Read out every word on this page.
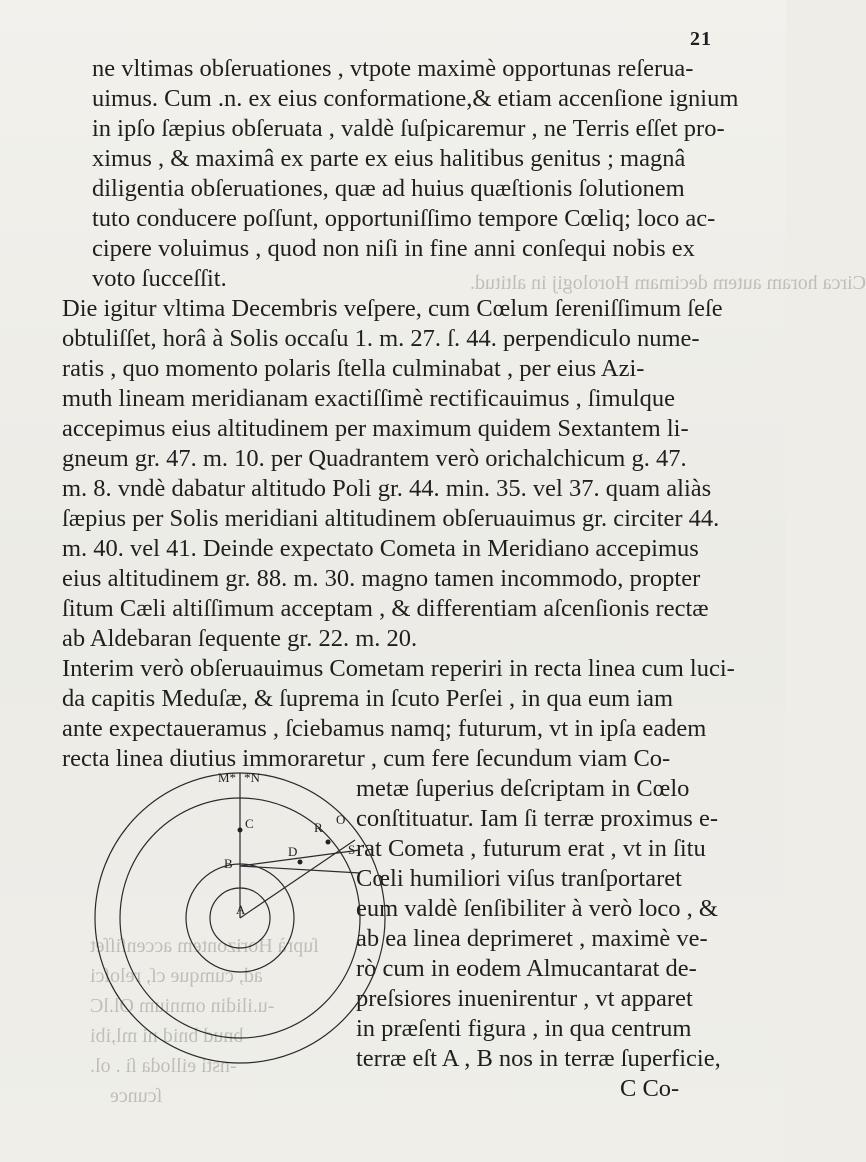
Circa horam autem decimam Horologij in altitud.
ſuprà Horizontem accenſiſſet
ad, cumque cſ, reloſci
-u.ilidin omnium Ol.lC
bnud bnid ni ml,ibi
-nsti eilloda ſi . ol.
ſcunce
21
ne vltimas obſeruationes , vtpote maximè opportunas reſerua-
uimus. Cum .n. ex eius conformatione,& etiam accenſione ignium
in ipſo ſæpius obſeruata , valdè ſuſpicaremur , ne Terris eſſet pro-
ximus , & maximâ ex parte ex eius halitibus genitus ; magnâ
diligentia obſeruationes, quæ ad huius quæſtionis ſolutionem
tuto conducere poſſunt, opportuniſſimo tempore Cœliq; loco ac-
cipere voluimus , quod non niſi in fine anni conſequi nobis ex
voto ſucceſſit.
Die igitur vltima Decembris veſpere, cum Cœlum ſereniſſimum ſeſe
obtuliſſet, horâ à Solis occaſu 1. m. 27. ſ. 44. perpendiculo nume-
ratis , quo momento polaris ſtella culminabat , per eius Azi-
muth lineam meridianam exactiſſimè rectificauimus , ſimulque
accepimus eius altitudinem per maximum quidem Sextantem li-
gneum gr. 47. m. 10. per Quadrantem verò orichalchicum g. 47.
m. 8. vndè dabatur altitudo Poli gr. 44. min. 35. vel 37. quam aliàs
ſæpius per Solis meridiani altitudinem obſeruauimus gr. circiter 44.
m. 40. vel 41. Deinde expectato Cometa in Meridiano accepimus
eius altitudinem gr. 88. m. 30. magno tamen incommodo, propter
ſitum Cæli altiſſimum acceptam , & differentiam aſcenſionis rectæ
ab Aldebaran ſequente gr. 22. m. 20.
Interim verò obſeruauimus Cometam reperiri in recta linea cum luci-
da capitis Meduſæ, & ſuprema in ſcuto Perſei , in qua eum iam
ante expectaueramus , ſciebamus namq; futurum, vt in ipſa eadem
recta linea diutius immoraretur , cum fere ſecundum viam Co-
metæ ſuperius deſcriptam in Cœlo
conſtituatur. Iam ſi terræ proximus e-
rat Cometa , futurum erat , vt in ſitu
Cœli humiliori viſus tranſportaret
eum valdè ſenſibiliter à verò loco , &
ab ea linea deprimeret , maximè ve-
rò cum in eodem Almucantarat de-
preſsiores inuenirentur , vt apparet
in præſenti figura , in qua centrum
terræ eſt A , B nos in terræ ſuperficie,
C Co-
M* *N
C
B
A
D
R
O
S
